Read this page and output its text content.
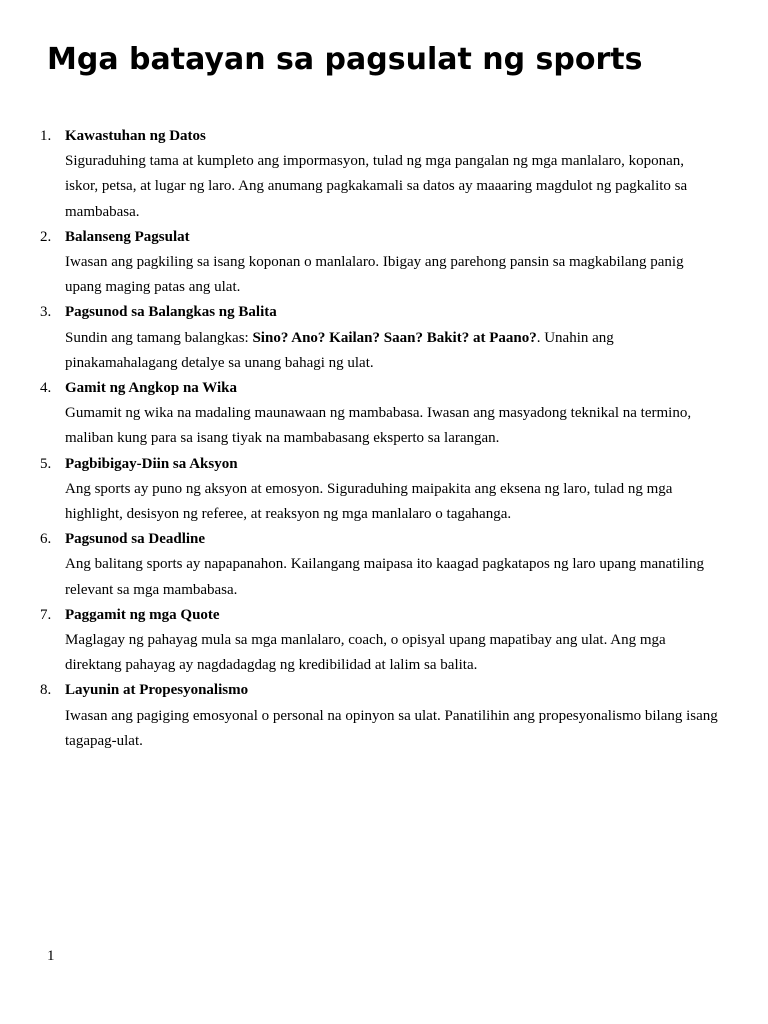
Mga batayan sa pagsulat ng sports
1. Kawastuhan ng Datos

Siguraduhing tama at kumpleto ang impormasyon, tulad ng mga pangalan ng mga manlalaro, koponan, iskor, petsa, at lugar ng laro. Ang anumang pagkakamali sa datos ay maaaring magdulot ng pagkalito sa mambabasa.

2. Balanseng Pagsulat

Iwasan ang pagkiling sa isang koponan o manlalaro. Ibigay ang parehong pansin sa magkabilang panig upang maging patas ang ulat.

3. Pagsunod sa Balangkas ng Balita

Sundin ang tamang balangkas: Sino? Ano? Kailan? Saan? Bakit? at Paano?. Unahin ang pinakamahalagang detalye sa unang bahagi ng ulat.

4. Gamit ng Angkop na Wika

Gumamit ng wika na madaling maunawaan ng mambabasa. Iwasan ang masyadong teknikal na termino, maliban kung para sa isang tiyak na mambabasang eksperto sa larangan.

5. Pagbibigay-Diin sa Aksyon

Ang sports ay puno ng aksyon at emosyon. Siguraduhing maipakita ang eksena ng laro, tulad ng mga highlight, desisyon ng referee, at reaksyon ng mga manlalaro o tagahanga.

6. Pagsunod sa Deadline

Ang balitang sports ay napapanahon. Kailangang maipasa ito kaagad pagkatapos ng laro upang manatiling relevant sa mga mambabasa.

7. Paggamit ng mga Quote

Maglagay ng pahayag mula sa mga manlalaro, coach, o opisyal upang mapatibay ang ulat. Ang mga direktang pahayag ay nagdadagdag ng kredibilidad at lalim sa balita.

8. Layunin at Propesyonalismo

Iwasan ang pagiging emosyonal o personal na opinyon sa ulat. Panatilihin ang propesyonalismo bilang isang tagapag-ulat.

1
